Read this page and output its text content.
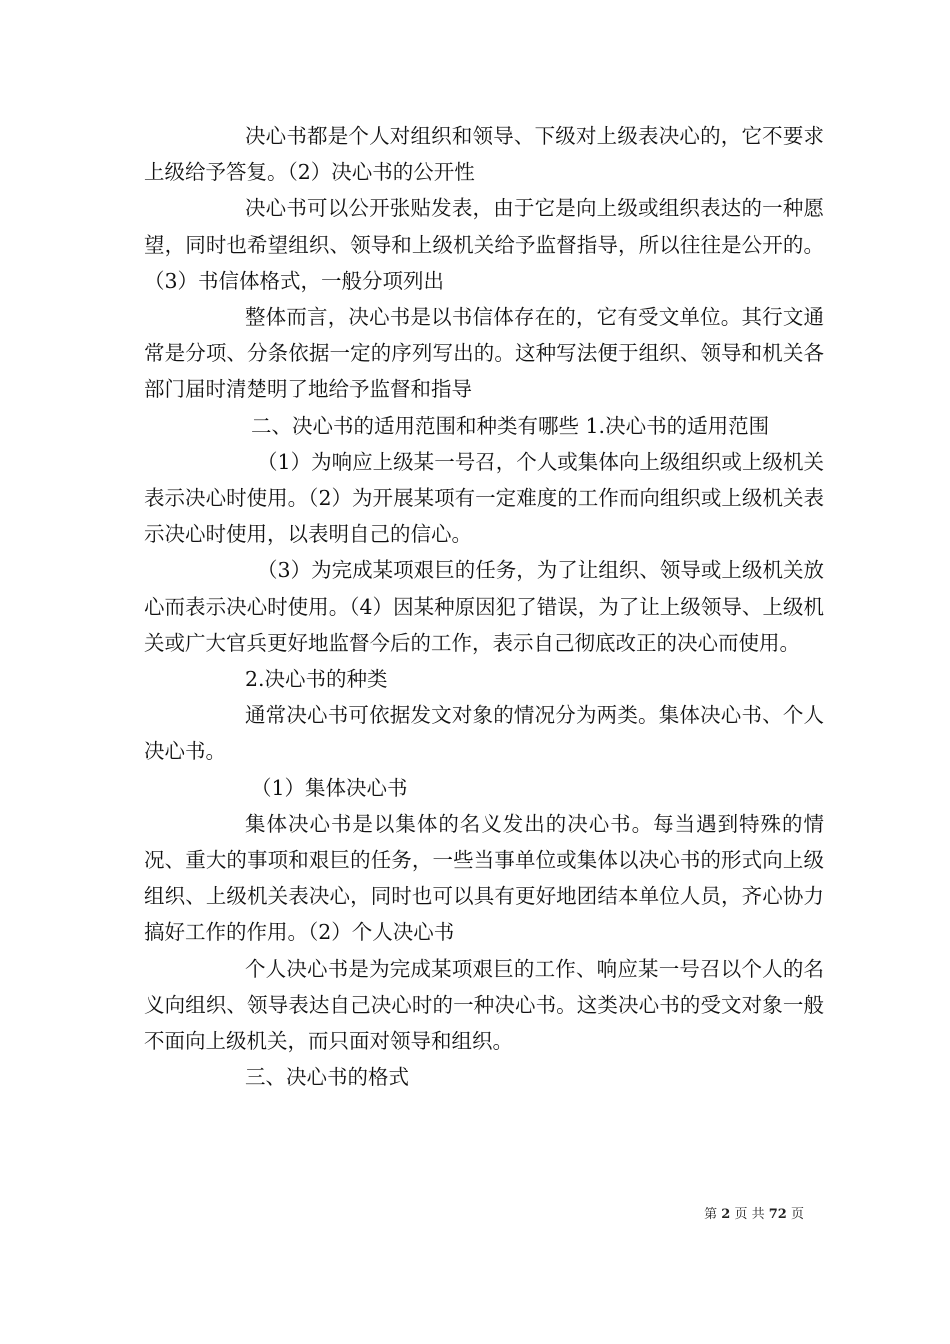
决心书都是个人对组织和领导、下级对上级表决心的，它不要求上级给予答复。（2）决心书的公开性

决心书可以公开张贴发表，由于它是向上级或组织表达的一种愿望，同时也希望组织、领导和上级机关给予监督指导，所以往往是公开的。（3）书信体格式，一般分项列出

整体而言，决心书是以书信体存在的，它有受文单位。其行文通常是分项、分条依据一定的序列写出的。这种写法便于组织、领导和机关各部门届时清楚明了地给予监督和指导

二、决心书的适用范围和种类有哪些 1.决心书的适用范围

（1）为响应上级某一号召，个人或集体向上级组织或上级机关表示决心时使用。（2）为开展某项有一定难度的工作而向组织或上级机关表示决心时使用，以表明自己的信心。

（3）为完成某项艰巨的任务，为了让组织、领导或上级机关放心而表示决心时使用。（4）因某种原因犯了错误，为了让上级领导、上级机关或广大官兵更好地监督今后的工作，表示自己彻底改正的决心而使用。

2.决心书的种类

通常决心书可依据发文对象的情况分为两类。集体决心书、个人决心书。

（1）集体决心书

集体决心书是以集体的名义发出的决心书。每当遇到特殊的情况、重大的事项和艰巨的任务，一些当事单位或集体以决心书的形式向上级组织、上级机关表决心，同时也可以具有更好地团结本单位人员，齐心协力搞好工作的作用。（2）个人决心书

个人决心书是为完成某项艰巨的工作、响应某一号召以个人的名义向组织、领导表达自己决心时的一种决心书。这类决心书的受文对象一般不面向上级机关，而只面对领导和组织。

三、决心书的格式

第 2 页 共 72 页
